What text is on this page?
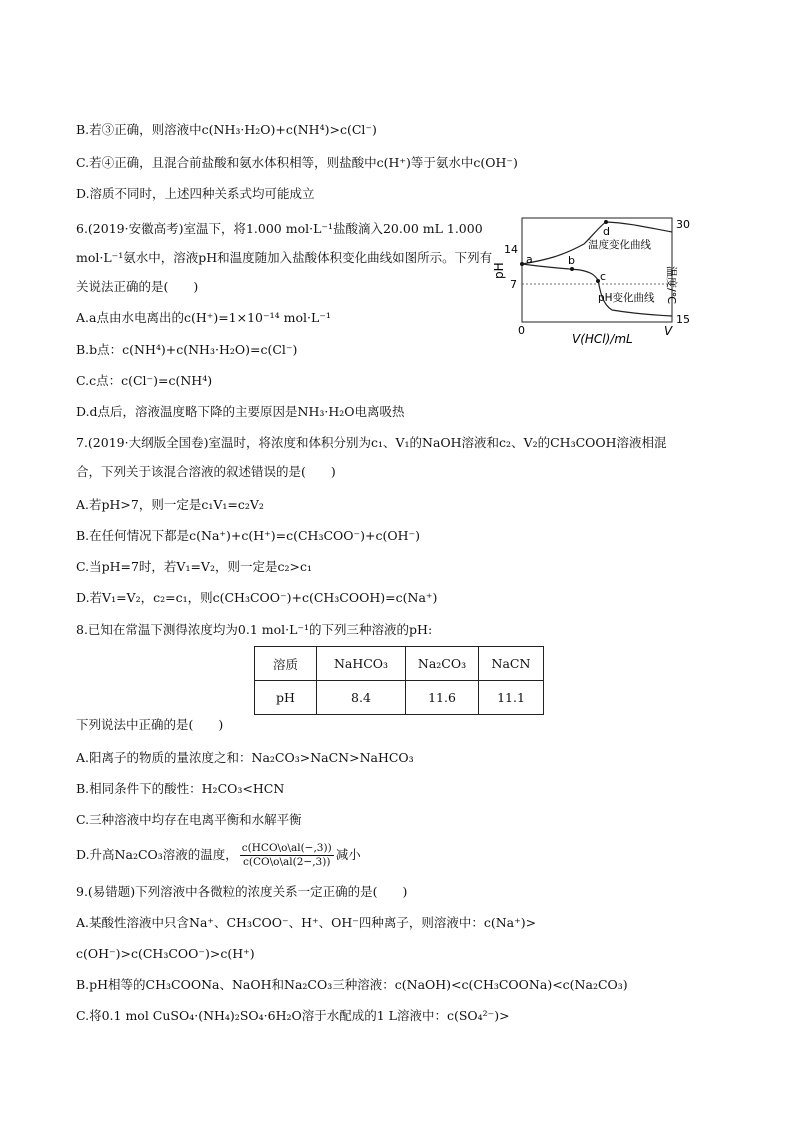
B.若③正确，则溶液中c(NH₃·H₂O)+c(NH⁴)>c(Cl⁻)
C.若④正确，且混合前盐酸和氨水体积相等，则盐酸中c(H⁺)等于氨水中c(OH⁻)
D.溶质不同时，上述四种关系式均可能成立
6.(2019·安徽高考)室温下，将1.000 mol·L⁻¹盐酸滴入20.00 mL 1.000 mol·L⁻¹氨水中，溶液pH和温度随加入盐酸体积变化曲线如图所示。下列有关说法正确的是(　　)
pH
14
7
0
30
15
温度/℃
V(HCl)/mL
V
a	b
c
d
温度变化曲线
pH变化曲线
A.a点由水电离出的c(H⁺)=1×10⁻¹⁴ mol·L⁻¹
B.b点：c(NH⁴)+c(NH₃·H₂O)=c(Cl⁻)
C.c点：c(Cl⁻)=c(NH⁴)
D.d点后，溶液温度略下降的主要原因是NH₃·H₂O电离吸热
7.(2019·大纲版全国卷)室温时，将浓度和体积分别为c₁、V₁的NaOH溶液和c₂、V₂的CH₃COOH溶液相混
合，下列关于该混合溶液的叙述错误的是(　　)
A.若pH>7，则一定是c₁V₁=c₂V₂
B.在任何情况下都是c(Na⁺)+c(H⁺)=c(CH₃COO⁻)+c(OH⁻)
C.当pH=7时，若V₁=V₂，则一定是c₂>c₁
D.若V₁=V₂，c₂=c₁，则c(CH₃COO⁻)+c(CH₃COOH)=c(Na⁺)
8.已知在常温下测得浓度均为0.1 mol·L⁻¹的下列三种溶液的pH:
溶质	NaHCO₃	Na₂CO₃	NaCN
pH	8.4	11.6	11.1
下列说法中正确的是(　　)
A.阳离子的物质的量浓度之和：Na₂CO₃>NaCN>NaHCO₃
B.相同条件下的酸性：H₂CO₃<HCN
C.三种溶液中均存在电离平衡和水解平衡
D.升高Na₂CO₃溶液的温度， $\frac{\text{c(HCO\textbackslash{}o\textbackslash{}al(−,3))}}{c(CO\backslash o\backslash al(2-,3))}$ 减小
9.(易错题)下列溶液中各微粒的浓度关系一定正确的是(　　)
A.某酸性溶液中只含Na⁺、CH₃COO⁻、H⁺、OH⁻四种离子，则溶液中：c(Na⁺)>
c(OH⁻)>c(CH₃COO⁻)>c(H⁺)
B.pH相等的CH₃COONa、NaOH和Na₂CO₃三种溶液：c(NaOH)<c(CH₃COONa)<c(Na₂CO₃)
C.将0.1 mol CuSO₄·(NH₄)₂SO₄·6H₂O溶于水配成的1 L溶液中：c(SO₄²⁻)>
